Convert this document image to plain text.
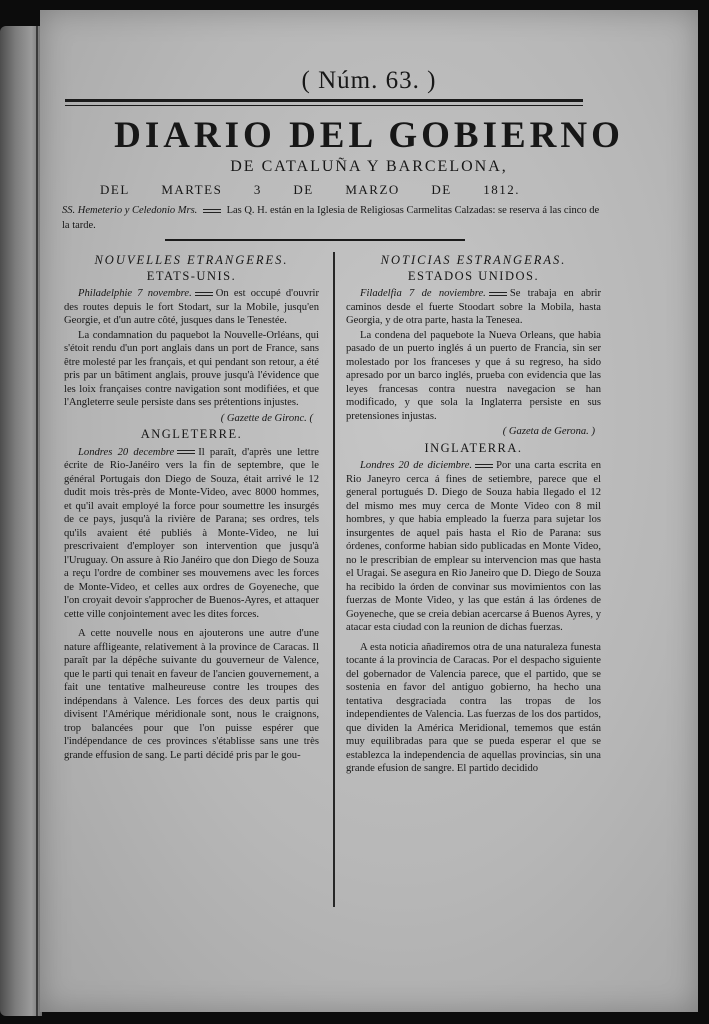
( Núm. 63. )
DIARIO DEL GOBIERNO
DE CATALUÑA Y BARCELONA,
DEL MARTES 3 DE MARZO DE 1812.
SS. Hemeterio y Celedonio Mrs.	Las Q. H. están en la Iglesia de Religiosas Carmelitas Calzadas: se reserva á las cinco de la tarde.
NOUVELLES ETRANGERES.
ETATS-UNIS.

Philadelphie 7 novembre. On est occupé d'ouvrir des routes depuis le fort Stodart, sur la Mobile, jusqu'en Georgie, et d'un autre côté, jusques dans le Tenestée.

La condamnation du paquebot la Nouvelle-Orléans, qui s'étoit rendu d'un port anglais dans un port de France, sans être molesté par les français, et qui pendant son retour, a été pris par un bâtiment anglais, prouve jusqu'à l'évidence que les loix françaises contre navigation sont modifiées, et que l'Angleterre seule persiste dans ses prétentions injustes.

( Gazette de Gironc. (
ANGLETERRE.

Londres 20 decembre Il paraît, d'après une lettre écrite de Rio-Janéiro vers la fin de septembre, que le général Portugais don Diego de Souza, était arrivé le 12 dudit mois très-près de Monte-Video, avec 8000 hommes, et qu'il avait employé la force pour soumettre les insurgés de ce pays, jusqu'à la rivière de Parana; ses ordres, tels qu'ils avaient été publiés à Monte-Video, ne lui prescrivaient d'employer son intervention que jusqu'à l'Uruguay. On assure à Rio Janéiro que don Diego de Souza a reçu l'ordre de combiner ses mouvemens avec les forces de Monte-Video, et celles aux ordres de Goyeneche, que l'on croyait devoir s'approcher de Buenos-Ayres, et attaquer cette ville conjointement avec les dites forces.

A cette nouvelle nous en ajouterons une autre d'une nature affligeante, relativement à la province de Caracas. Il paraît par la dépêche suivante du gouverneur de Valence, que le parti qui tenait en faveur de l'ancien gouvernement, a fait une tentative malheureuse contre les troupes des indépendans à Valence. Les forces des deux partis qui divisent l'Amérique méridionale sont, nous le craignons, trop balancées pour que l'on puisse espérer que l'indépendance de ces provinces s'établisse sans une très grande effusion de sang. Le parti décidé pris par le gou-

NOTICIAS ESTRANGERAS.
ESTADOS UNIDOS.

Filadelfia 7 de noviembre. Se trabaja en abrir caminos desde el fuerte Stoodart sobre la Mobila, hasta Georgia, y de otra parte, hasta la Tenesea.

La condena del paquebote la Nueva Orleans, que habia pasado de un puerto inglés á un puerto de Francia, sin ser molestado por los franceses y que á su regreso, ha sido apresado por un barco inglés, prueba con evidencia que las leyes francesas contra nuestra navegacion se han modificado, y que sola la Inglaterra persiste en sus pretensiones injustas.

( Gazeta de Gerona. )
INGLATERRA.

Londres 20 de diciembre. Por una carta escrita en Rio Janeyro cerca á fines de setiembre, parece que el general portugués D. Diego de Souza habia llegado el 12 del mismo mes muy cerca de Monte Video con 8 mil hombres, y que habia empleado la fuerza para sujetar los insurgentes de aquel pais hasta el Rio de Parana: sus órdenes, conforme habian sido publicadas en Monte Video, no le prescribian de emplear su intervencion mas que hasta el Uragai. Se asegura en Rio Janeiro que D. Diego de Souza ha recibido la órden de convinar sus movimientos con las fuerzas de Monte Video, y las que están á las órdenes de Goyeneche, que se creia debian acercarse á Buenos Ayres, y atacar esta ciudad con la reunion de dichas fuerzas.

A esta noticia añadiremos otra de una naturaleza funesta tocante á la provincia de Caracas. Por el despacho siguiente del gobernador de Valencia parece, que el partido, que se sostenia en favor del antiguo gobierno, ha hecho una tentativa desgraciada contra las tropas de los independientes de Valencia. Las fuerzas de los dos partidos, que dividen la América Meridional, tememos que están muy equilibradas para que se pueda esperar el que se establezca la independencia de aquellas provincias, sin una grande efusion de sangre. El partido decidido
